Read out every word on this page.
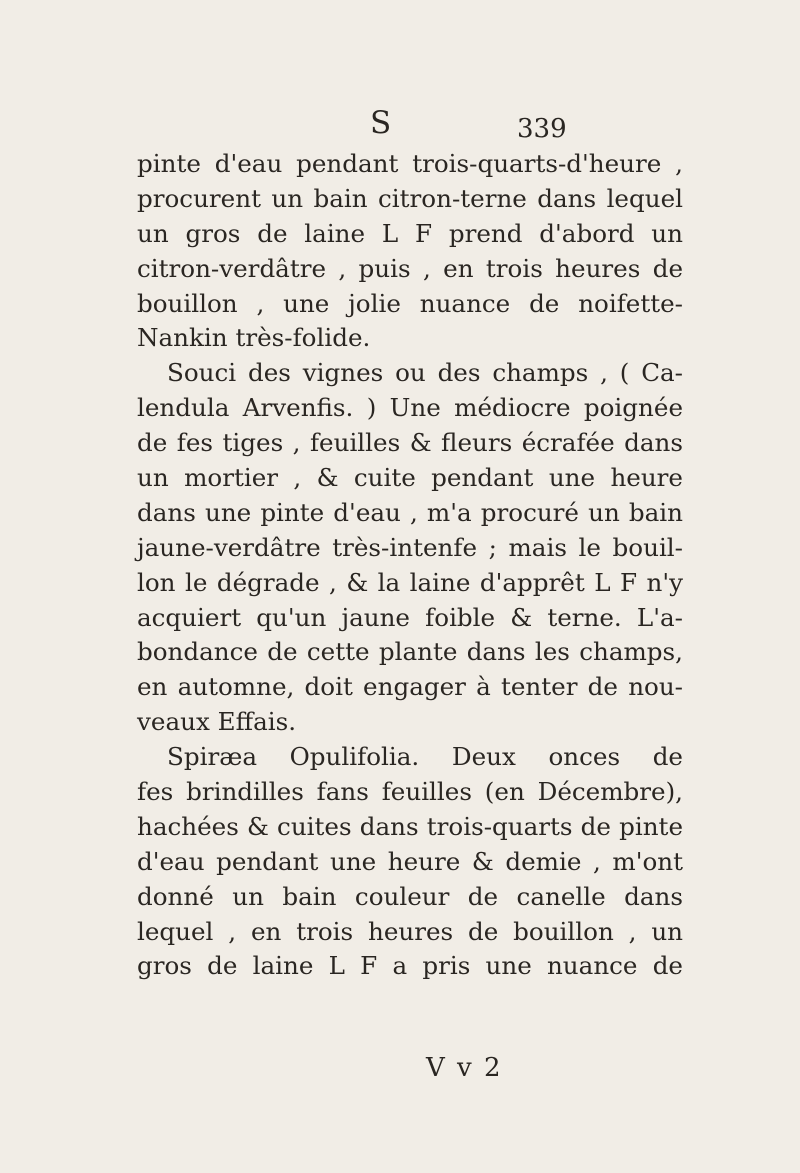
S	339
pinte d'eau pendant trois-quarts-d'heure ,
procurent un bain citron-terne dans lequel
un gros de laine L F prend d'abord un
citron-verdâtre , puis , en trois heures de
bouillon , une jolie nuance de noifette-
Nankin très-folide.
Souci des vignes ou des champs , ( Ca-
lendula Arvenfis. ) Une médiocre poignée
de fes tiges , feuilles & fleurs écrafée dans
un mortier , & cuite pendant une heure
dans une pinte d'eau , m'a procuré un bain
jaune-verdâtre très-intenfe ; mais le bouil-
lon le dégrade , & la laine d'apprêt L F n'y
acquiert qu'un jaune foible & terne. L'a-
bondance de cette plante dans les champs,
en automne, doit engager à tenter de nou-
veaux Effais.
Spiræa Opulifolia. Deux onces de
fes brindilles fans feuilles (en Décembre),
hachées & cuites dans trois-quarts de pinte
d'eau pendant une heure & demie , m'ont
donné un bain couleur de canelle dans
lequel , en trois heures de bouillon , un
gros de laine L F a pris une nuance de
V v 2
